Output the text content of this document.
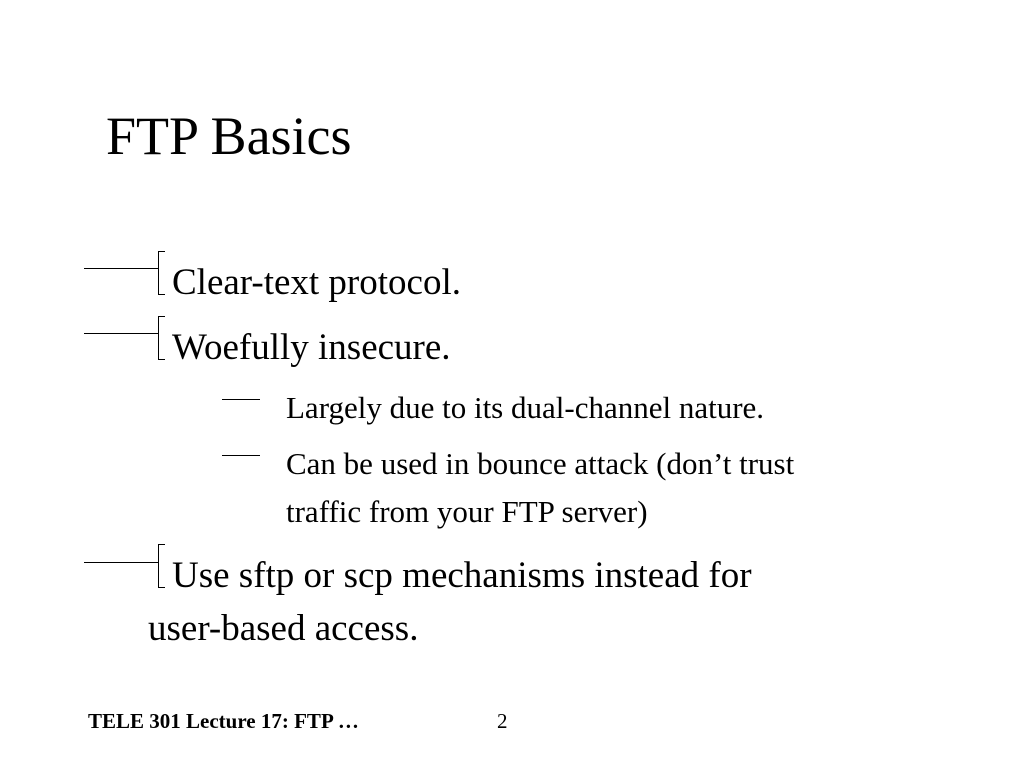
FTP Basics
Clear-text protocol.
Woefully insecure.
Largely due to its dual-channel nature.
Can be used in bounce attack (don’t trust
traffic from your FTP server)
Use sftp or scp mechanisms instead for
user-based access.
TELE 301 Lecture 17: FTP …	2
